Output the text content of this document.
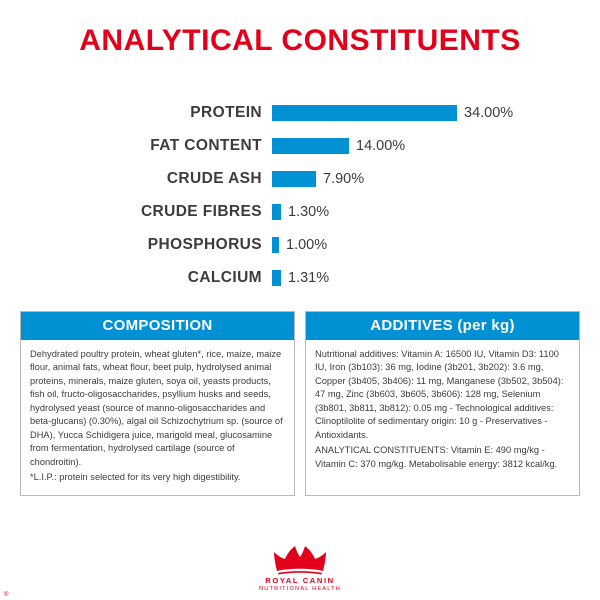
ANALYTICAL CONSTITUENTS
PROTEIN	34.00%
FAT CONTENT	14.00%
CRUDE ASH	7.90%
CRUDE FIBRES	1.30%
PHOSPHORUS	1.00%
CALCIUM	1.31%
COMPOSITION

Dehydrated poultry protein, wheat gluten*, rice, maize, maize flour, animal fats, wheat flour, beet pulp, hydrolysed animal proteins, minerals, maize gluten, soya oil, yeasts products, fish oil, fructo-oligosaccharides, psyllium husks and seeds, hydrolysed yeast (source of manno-oligosaccharides and beta-glucans) (0.30%), algal oil Schizochytrium sp. (source of DHA), Yucca Schidigera juice, marigold meal, glucosamine from fermentation, hydrolysed cartilage (source of chondroitin).

*L.I.P.: protein selected for its very high digestibility.

ADDITIVES (per kg)

Nutritional additives: Vitamin A: 16500 IU, Vitamin D3: 1100 IU, Iron (3b103): 36 mg, Iodine (3b201, 3b202): 3.6 mg, Copper (3b405, 3b406): 11 mg, Manganese (3b502, 3b504): 47 mg, Zinc (3b603, 3b605, 3b606): 128 mg, Selenium (3b801, 3b811, 3b812): 0.05 mg - Technological additives: Clinoptilolite of sedimentary origin: 10 g - Preservatives - Antioxidants.

ANALYTICAL CONSTITUENTS: Vitamin E: 490 mg/kg - Vitamin C: 370 mg/kg. Metabolisable energy: 3812 kcal/kg.

ROYAL CANIN
NUTRITIONAL HEALTH
®
